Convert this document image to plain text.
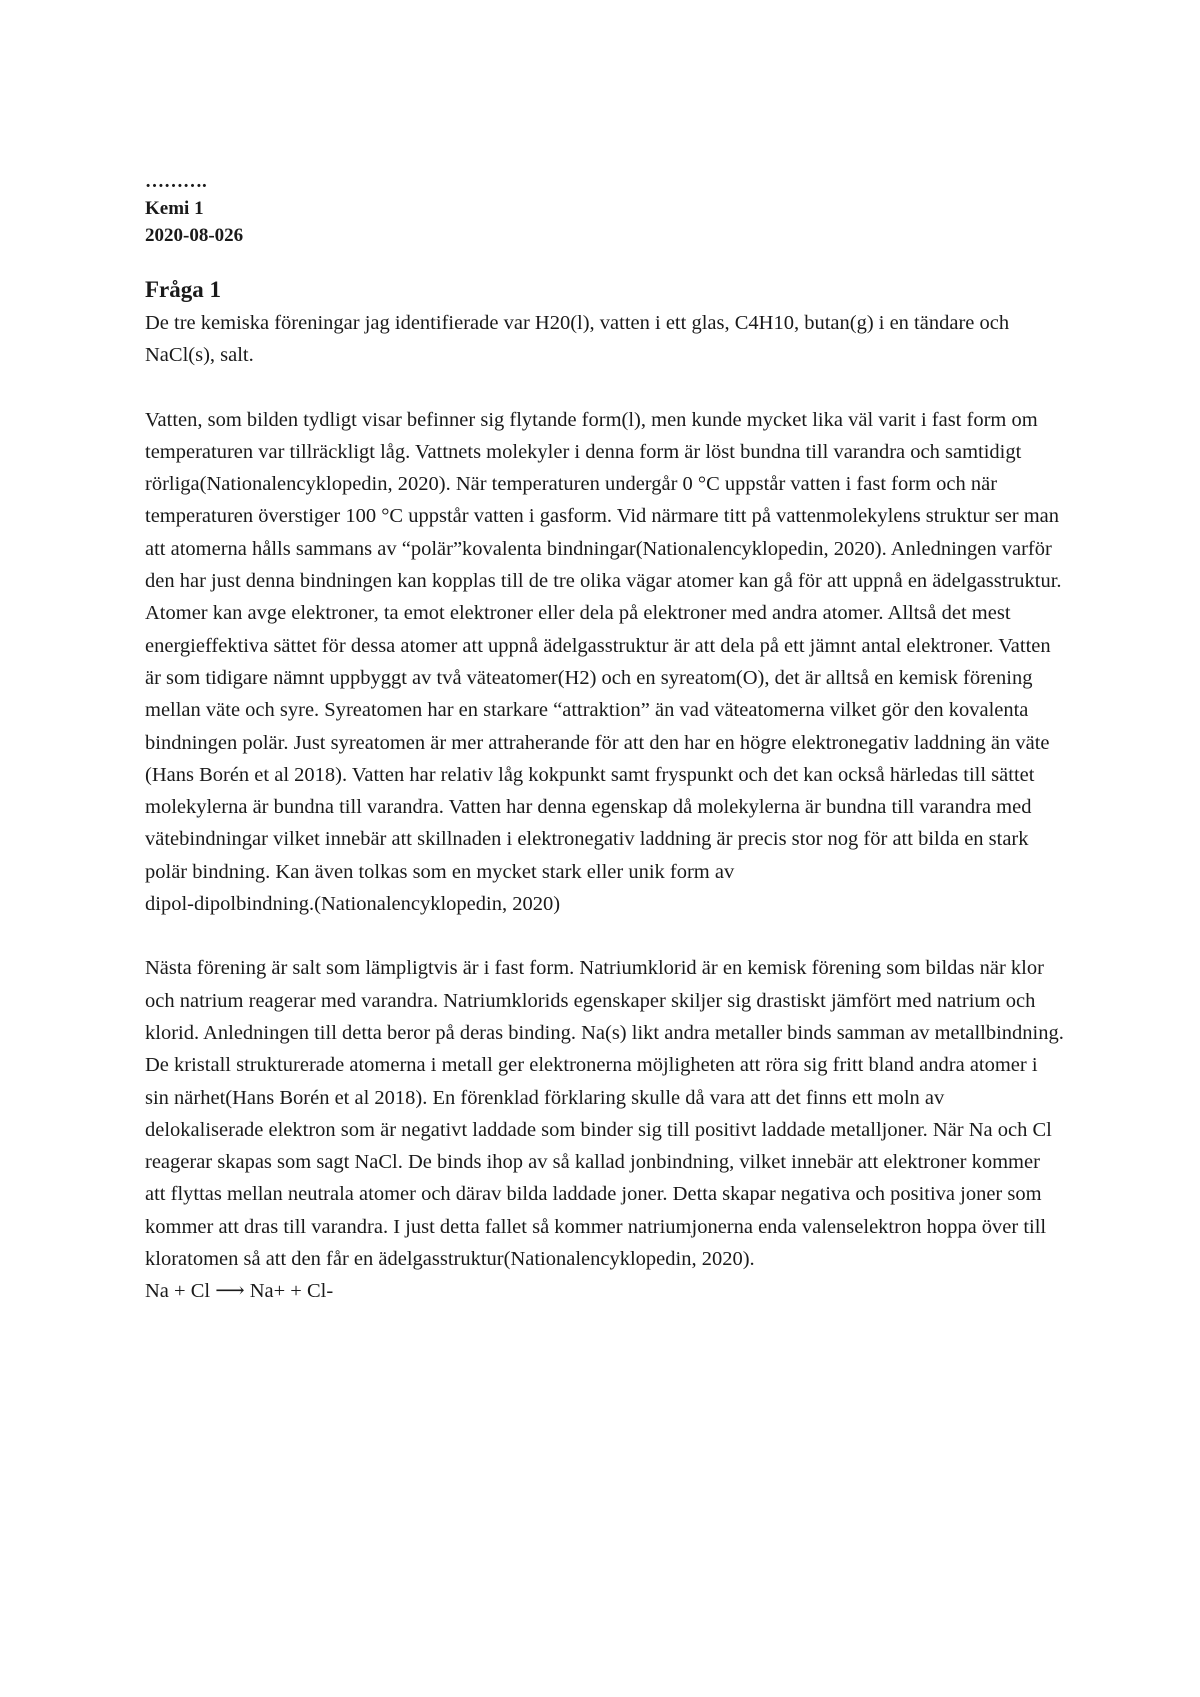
……….

Kemi 1

2020-08-026

Fråga 1

De tre kemiska föreningar jag identifierade var H20(l), vatten i ett glas, C4H10, butan(g) i en tändare och NaCl(s), salt.

Vatten, som bilden tydligt visar befinner sig flytande form(l), men kunde mycket lika väl varit i fast form om temperaturen var tillräckligt låg. Vattnets molekyler i denna form är löst bundna till varandra och samtidigt rörliga(Nationalencyklopedin, 2020). När temperaturen undergår 0 °C uppstår vatten i fast form och när temperaturen överstiger 100 °C uppstår vatten i gasform. Vid närmare titt på vattenmolekylens struktur ser man att atomerna hålls sammans av “polär”kovalenta bindningar(Nationalencyklopedin, 2020). Anledningen varför den har just denna bindningen kan kopplas till de tre olika vägar atomer kan gå för att uppnå en ädelgasstruktur. Atomer kan avge elektroner, ta emot elektroner eller dela på elektroner med andra atomer. Alltså det mest energieffektiva sättet för dessa atomer att uppnå ädelgasstruktur är att dela på ett jämnt antal elektroner. Vatten är som tidigare nämnt uppbyggt av två väteatomer(H2) och en syreatom(O), det är alltså en kemisk förening mellan väte och syre. Syreatomen har en starkare “attraktion” än vad väteatomerna vilket gör den kovalenta bindningen polär. Just syreatomen är mer attraherande för att den har en högre elektronegativ laddning än väte (Hans Borén et al 2018). Vatten har relativ låg kokpunkt samt fryspunkt och det kan också härledas till sättet molekylerna är bundna till varandra. Vatten har denna egenskap då molekylerna är bundna till varandra med vätebindningar vilket innebär att skillnaden i elektronegativ laddning är precis stor nog för att bilda en stark polär bindning. Kan även tolkas som en mycket stark eller unik form av
dipol-dipolbindning.(Nationalencyklopedin, 2020)

Nästa förening är salt som lämpligtvis är i fast form. Natriumklorid är en kemisk förening som bildas när klor och natrium reagerar med varandra. Natriumklorids egenskaper skiljer sig drastiskt jämfört med natrium och klorid. Anledningen till detta beror på deras binding. Na(s) likt andra metaller binds samman av metallbindning. De kristall strukturerade atomerna i metall ger elektronerna möjligheten att röra sig fritt bland andra atomer i sin närhet(Hans Borén et al 2018). En förenklad förklaring skulle då vara att det finns ett moln av delokaliserade elektron som är negativt laddade som binder sig till positivt laddade metalljoner. När Na och Cl reagerar skapas som sagt NaCl. De binds ihop av så kallad jonbindning, vilket innebär att elektroner kommer att flyttas mellan neutrala atomer och därav bilda laddade joner. Detta skapar negativa och positiva joner som kommer att dras till varandra. I just detta fallet så kommer natriumjonerna enda valenselektron hoppa över till kloratomen så att den får en ädelgasstruktur(Nationalencyklopedin, 2020).

Na + Cl ⟶ Na+ + Cl-
